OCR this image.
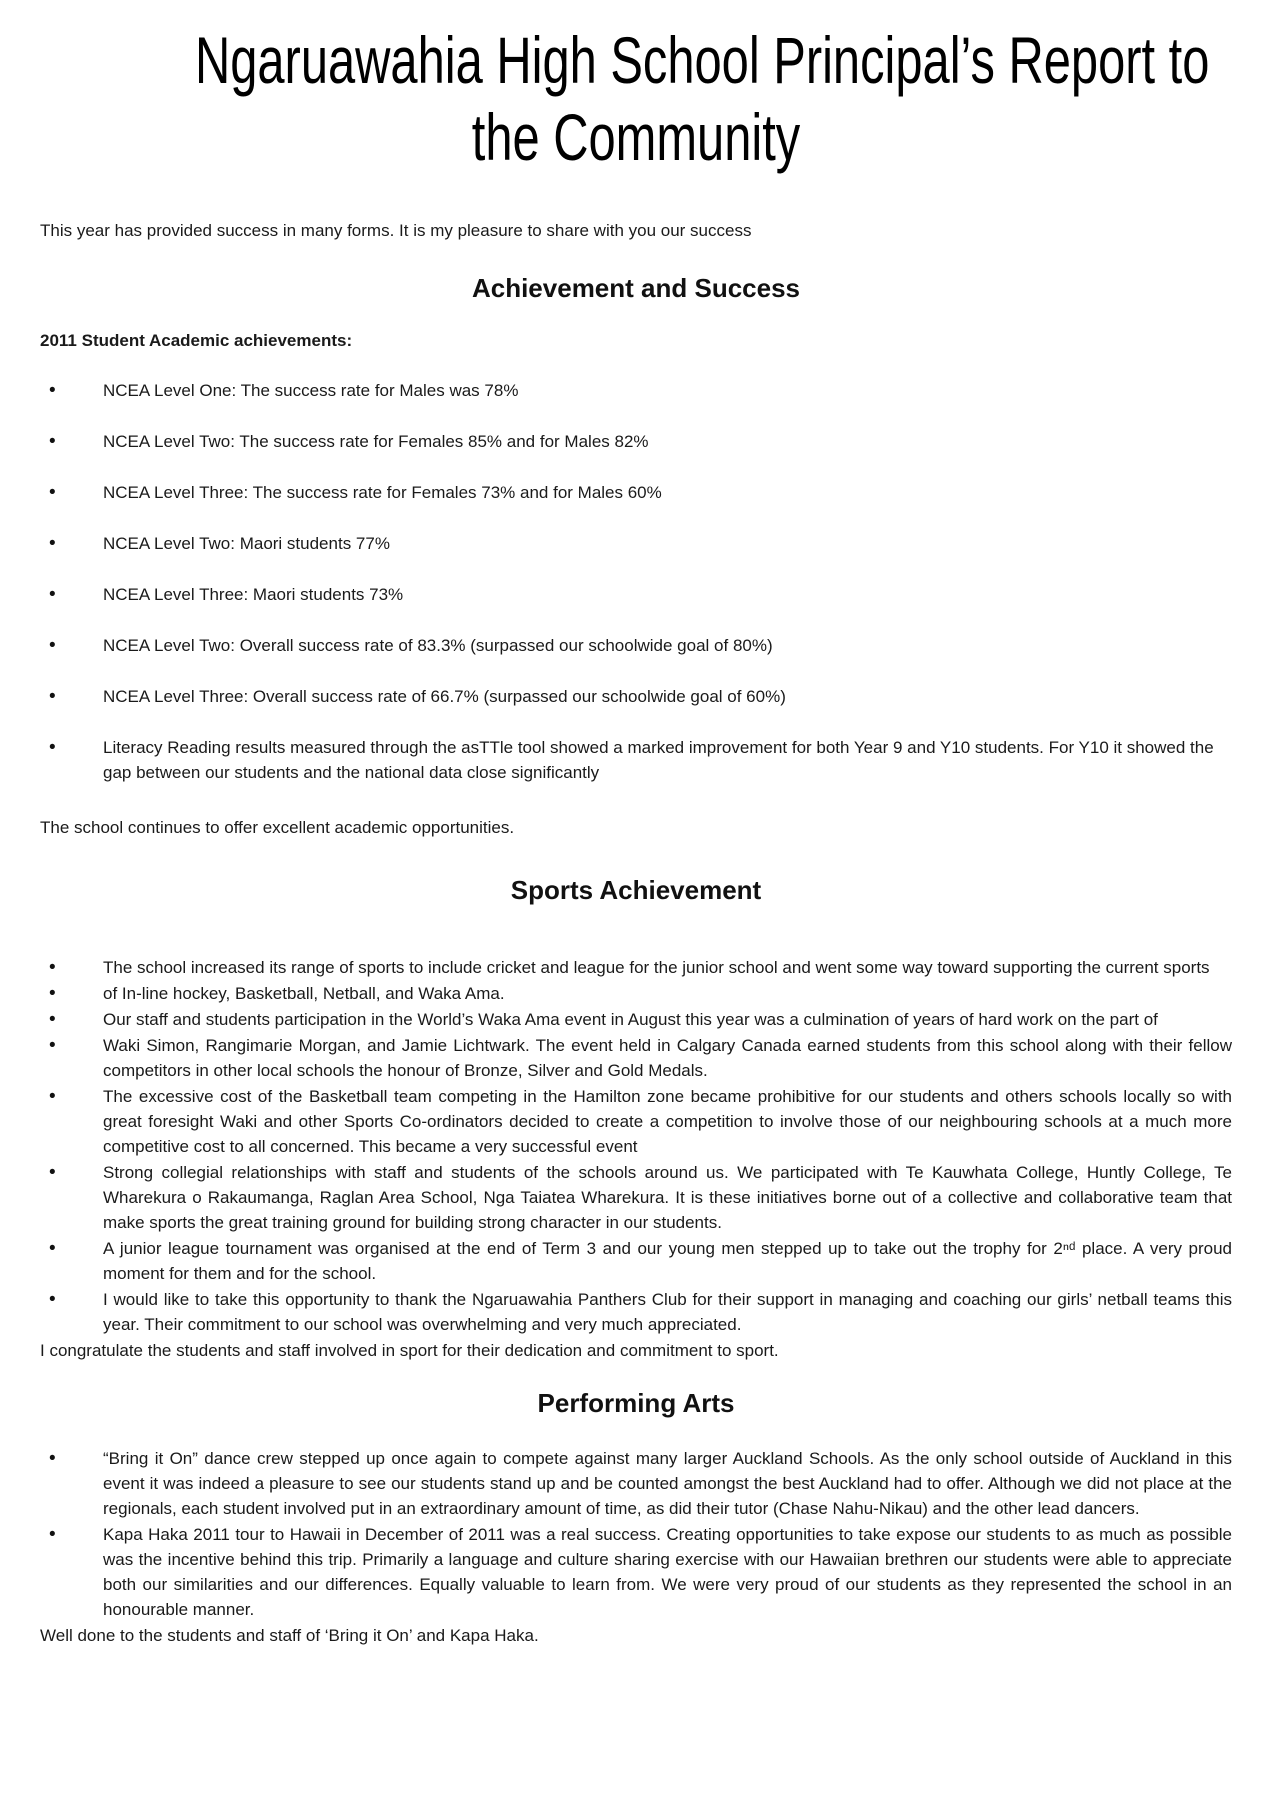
Ngaruawahia High School Principal’s Report to
the Community

This year has provided success in many forms. It is my pleasure to share with you our success

Achievement and Success

2011 Student Academic achievements:

• NCEA Level One: The success rate for Males was 78%
• NCEA Level Two: The success rate for Females 85% and for Males 82%
• NCEA Level Three: The success rate for Females 73% and for Males 60%
• NCEA Level Two: Maori students 77%
• NCEA Level Three: Maori students 73%
• NCEA Level Two: Overall success rate of 83.3% (surpassed our schoolwide goal of 80%)
• NCEA Level Three: Overall success rate of 66.7% (surpassed our schoolwide goal of 60%)
• Literacy Reading results measured through the asTTle tool showed a marked improvement for both Year 9 and Y10 students. For Y10 it showed the gap between our students and the national data close significantly

The school continues to offer excellent academic opportunities.

Sports Achievement
• The school increased its range of sports to include cricket and league for the junior school and went some way toward supporting the current sports
• of In-line hockey, Basketball, Netball, and Waka Ama.
• Our staff and students participation in the World’s Waka Ama event in August this year was a culmination of years of hard work on the part of
• Waki Simon, Rangimarie Morgan, and Jamie Lichtwark. The event held in Calgary Canada earned students from this school along with their fellow competitors in other local schools the honour of Bronze, Silver and Gold Medals.
• The excessive cost of the Basketball team competing in the Hamilton zone became prohibitive for our students and others schools locally so with great foresight Waki and other Sports Co-ordinators decided to create a competition to involve those of our neighbouring schools at a much more competitive cost to all concerned. This became a very successful event
• Strong collegial relationships with staff and students of the schools around us. We participated with Te Kauwhata College, Huntly College, Te Wharekura o Rakaumanga, Raglan Area School, Nga Taiatea Wharekura. It is these initiatives borne out of a collective and collaborative team that make sports the great training ground for building strong character in our students.
• A junior league tournament was organised at the end of Term 3 and our young men stepped up to take out the trophy for 2ⁿᵈ place. A very proud moment for them and for the school.
• I would like to take this opportunity to thank the Ngaruawahia Panthers Club for their support in managing and coaching our girls’ netball teams this year. Their commitment to our school was overwhelming and very much appreciated.

I congratulate the students and staff involved in sport for their dedication and commitment to sport.

Performing Arts
• “Bring it On” dance crew stepped up once again to compete against many larger Auckland Schools. As the only school outside of Auckland in this event it was indeed a pleasure to see our students stand up and be counted amongst the best Auckland had to offer. Although we did not place at the regionals, each student involved put in an extraordinary amount of time, as did their tutor (Chase Nahu-Nikau) and the other lead dancers.
• Kapa Haka 2011 tour to Hawaii in December of 2011 was a real success. Creating opportunities to take expose our students to as much as possible was the incentive behind this trip. Primarily a language and culture sharing exercise with our Hawaiian brethren our students were able to appreciate both our similarities and our differences. Equally valuable to learn from. We were very proud of our students as they represented the school in an honourable manner.

Well done to the students and staff of ‘Bring it On’ and Kapa Haka.
